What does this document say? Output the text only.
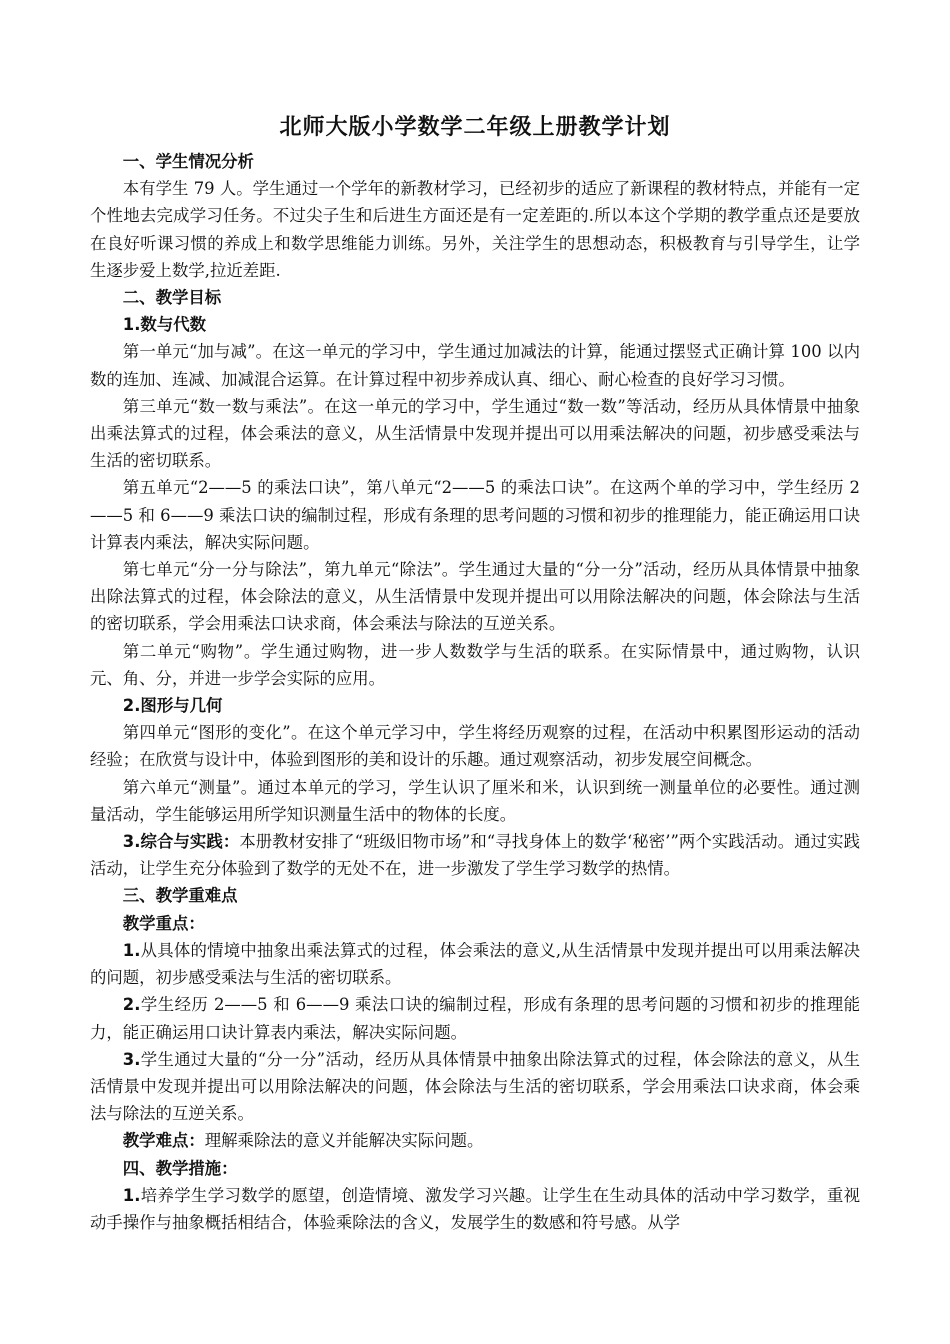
北师大版小学数学二年级上册教学计划

一、学生情况分析

本有学生 79 人。学生通过一个学年的新教材学习，已经初步的适应了新课程的教材特点，并能有一定个性地去完成学习任务。不过尖子生和后进生方面还是有一定差距的.所以本这个学期的教学重点还是要放在良好听课习惯的养成上和数学思维能力训练。另外，关注学生的思想动态，积极教育与引导学生，让学生逐步爱上数学,拉近差距.

二、教学目标

1.数与代数

第一单元“加与减”。在这一单元的学习中，学生通过加减法的计算，能通过摆竖式正确计算 100 以内数的连加、连减、加减混合运算。在计算过程中初步养成认真、细心、耐心检查的良好学习习惯。

第三单元“数一数与乘法”。在这一单元的学习中，学生通过“数一数”等活动，经历从具体情景中抽象出乘法算式的过程，体会乘法的意义，从生活情景中发现并提出可以用乘法解决的问题，初步感受乘法与生活的密切联系。

第五单元“2——5 的乘法口诀”，第八单元“2——5 的乘法口诀”。在这两个单的学习中，学生经历 2——5 和 6——9 乘法口诀的编制过程，形成有条理的思考问题的习惯和初步的推理能力，能正确运用口诀计算表内乘法，解决实际问题。

第七单元“分一分与除法”，第九单元“除法”。学生通过大量的“分一分”活动，经历从具体情景中抽象出除法算式的过程，体会除法的意义，从生活情景中发现并提出可以用除法解决的问题，体会除法与生活的密切联系，学会用乘法口诀求商，体会乘法与除法的互逆关系。

第二单元“购物”。学生通过购物，进一步人数数学与生活的联系。在实际情景中，通过购物，认识元、角、分，并进一步学会实际的应用。

2.图形与几何

第四单元“图形的变化”。在这个单元学习中，学生将经历观察的过程，在活动中积累图形运动的活动经验；在欣赏与设计中，体验到图形的美和设计的乐趣。通过观察活动，初步发展空间概念。

第六单元“测量”。通过本单元的学习，学生认识了厘米和米，认识到统一测量单位的必要性。通过测量活动，学生能够运用所学知识测量生活中的物体的长度。

3.综合与实践：本册教材安排了“班级旧物市场”和“寻找身体上的数学‘秘密’”两个实践活动。通过实践活动，让学生充分体验到了数学的无处不在，进一步激发了学生学习数学的热情。

三、教学重难点

教学重点：

1.从具体的情境中抽象出乘法算式的过程，体会乘法的意义,从生活情景中发现并提出可以用乘法解决的问题，初步感受乘法与生活的密切联系。

2.学生经历 2——5 和 6——9 乘法口诀的编制过程，形成有条理的思考问题的习惯和初步的推理能力，能正确运用口诀计算表内乘法，解决实际问题。

3.学生通过大量的“分一分”活动，经历从具体情景中抽象出除法算式的过程，体会除法的意义，从生活情景中发现并提出可以用除法解决的问题，体会除法与生活的密切联系，学会用乘法口诀求商，体会乘法与除法的互逆关系。

教学难点：理解乘除法的意义并能解决实际问题。

四、教学措施：

1.培养学生学习数学的愿望，创造情境、激发学习兴趣。让学生在生动具体的活动中学习数学，重视动手操作与抽象概括相结合，体验乘除法的含义，发展学生的数感和符号感。从学
